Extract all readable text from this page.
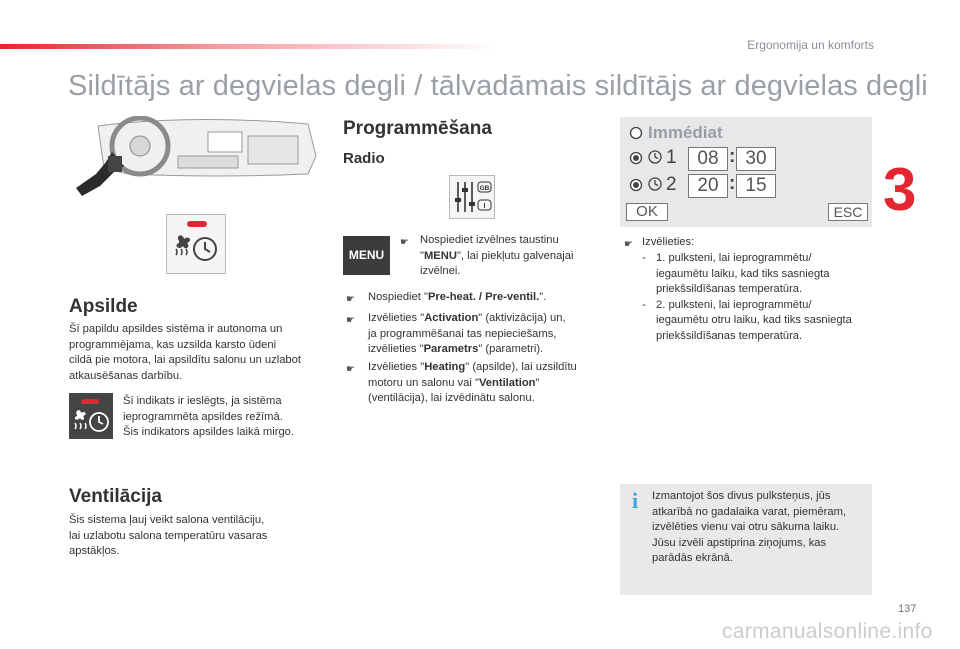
Ergonomija un komforts
Sildītājs ar degvielas degli / tālvadāmais sildītājs ar degvielas degli
3
Apsilde
Šī papildu apsildes sistēma ir autonoma un
programmējama, kas uzsilda karsto ūdeni
cildā pie motora, lai apsildītu salonu un uzlabot
atkausēšanas darbību.
Šī indikats ir ieslēgts, ja sistēma
ieprogrammēta apsildes režīmā.
Šis indikators apsildes laikā mirgo.
Ventilācija
Šis sistema ļauj veikt salona ventilāciju,
lai uzlabotu salona temperatūru vasaras
apstākļos.
Programmēšana
Radio
GB
I
MENU
☛ Nospiediet izvēlnes taustinu
"MENU", lai piekļutu galvenajai
izvēlnei.
☛ Nospiediet "Pre-heat. / Pre-ventil.".
☛ Izvēlieties "Activation" (aktivizācija) un,
ja programmēšanai tas nepieciešams,
izvēlieties "Parametrs" (parametri).
☛ Izvēlieties "Heating" (apsilde), lai uzsildītu
motoru un salonu vai "Ventilation"
(ventilācija), lai izvēdinātu salonu.
Immédiat
1	08 : 30
2	20 : 15
OK	ESC
☛ Izvēlieties:
- 1. pulksteni, lai ieprogrammētu/
iegaumētu laiku, kad tiks sasniegta
priekšsildīšanas temperatūra.
- 2. pulksteni, lai ieprogrammētu/
iegaumētu otru laiku, kad tiks sasniegta
priekšsildīšanas temperatūra.
i Izmantojot šos divus pulksteņus, jūs
atkarībā no gadalaika varat, piemēram,
izvēlēties vienu vai otru sākuma laiku.
Jūsu izvēli apstiprina ziņojums, kas
parādās ekrānā.
137
carmanualsonline.info
